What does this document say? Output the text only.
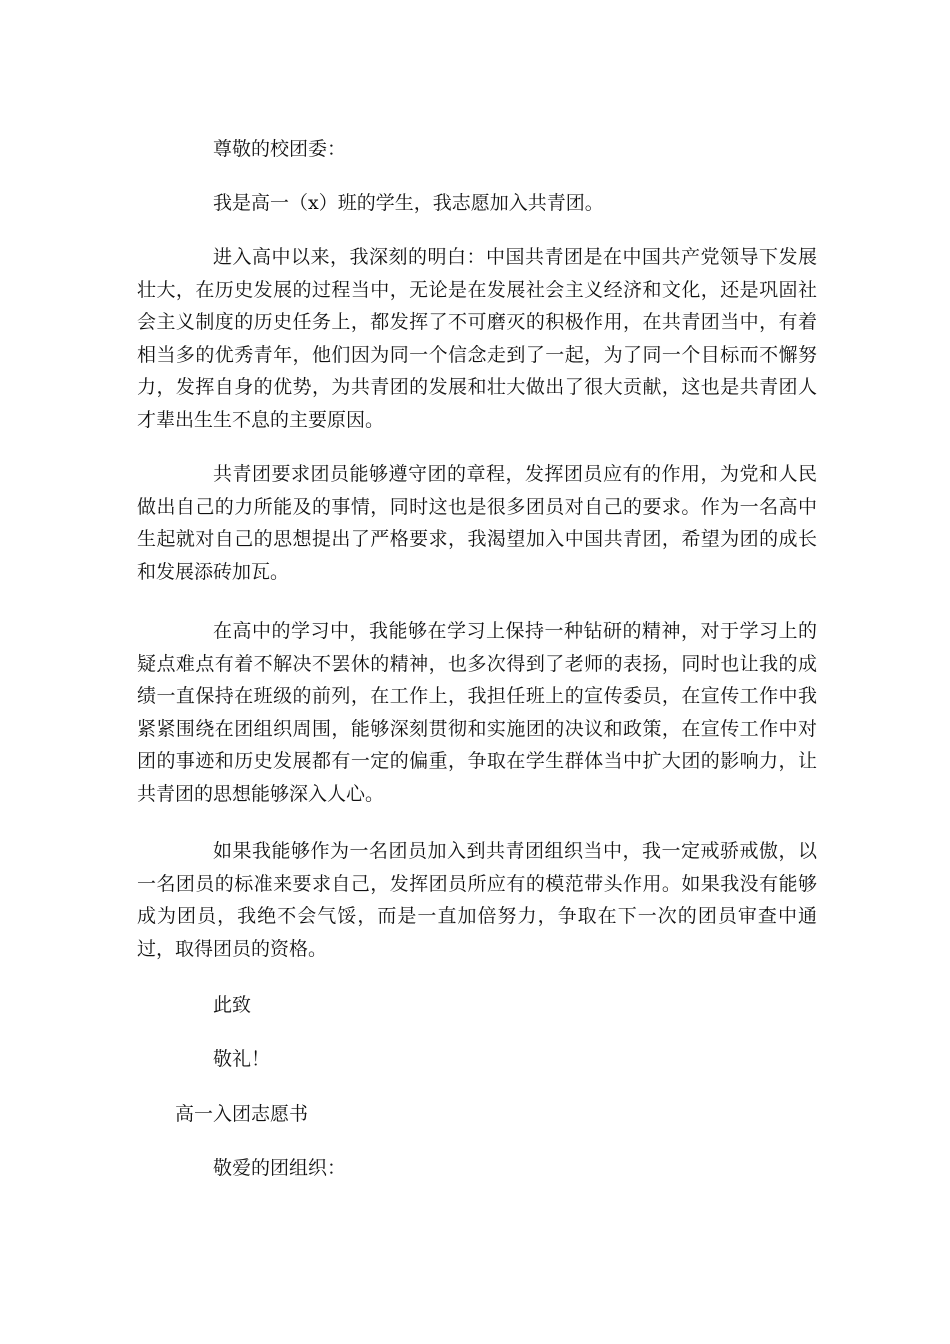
尊敬的校团委：

我是高一（x）班的学生，我志愿加入共青团。

进入高中以来，我深刻的明白：中国共青团是在中国共产党领导下发展壮大，在历史发展的过程当中，无论是在发展社会主义经济和文化，还是巩固社会主义制度的历史任务上，都发挥了不可磨灭的积极作用，在共青团当中，有着相当多的优秀青年，他们因为同一个信念走到了一起，为了同一个目标而不懈努力，发挥自身的优势，为共青团的发展和壮大做出了很大贡献，这也是共青团人才辈出生生不息的主要原因。

共青团要求团员能够遵守团的章程，发挥团员应有的作用，为党和人民做出自己的力所能及的事情，同时这也是很多团员对自己的要求。作为一名高中生起就对自己的思想提出了严格要求，我渴望加入中国共青团，希望为团的成长和发展添砖加瓦。

在高中的学习中，我能够在学习上保持一种钻研的精神，对于学习上的疑点难点有着不解决不罢休的精神，也多次得到了老师的表扬，同时也让我的成绩一直保持在班级的前列，在工作上，我担任班上的宣传委员，在宣传工作中我紧紧围绕在团组织周围，能够深刻贯彻和实施团的决议和政策，在宣传工作中对团的事迹和历史发展都有一定的偏重，争取在学生群体当中扩大团的影响力，让共青团的思想能够深入人心。

如果我能够作为一名团员加入到共青团组织当中，我一定戒骄戒傲，以一名团员的标准来要求自己，发挥团员所应有的模范带头作用。如果我没有能够成为团员，我绝不会气馁，而是一直加倍努力，争取在下一次的团员审查中通过，取得团员的资格。

此致

敬礼！

高一入团志愿书

敬爱的团组织：
